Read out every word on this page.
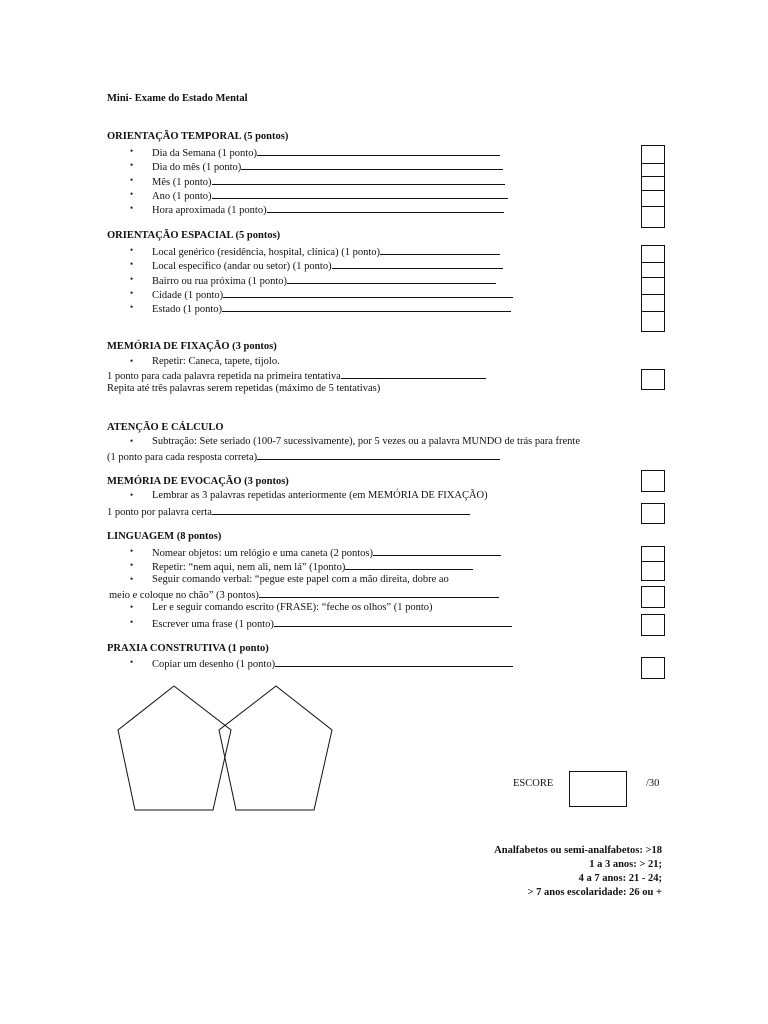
Mini- Exame do Estado Mental
ORIENTAÇÃO TEMPORAL (5 pontos)
• Dia da Semana (1 ponto)
• Dia do mês (1 ponto)
• Mês (1 ponto)
• Ano (1 ponto)
• Hora aproximada (1 ponto)
ORIENTAÇÃO ESPACIAL (5 pontos)
• Local genérico (residência, hospital, clínica) (1 ponto)
• Local específico (andar ou setor) (1 ponto)
• Bairro ou rua próxima (1 ponto)
• Cidade (1 ponto)
• Estado (1 ponto)
MEMÓRIA DE FIXAÇÃO (3 pontos)
• Repetir: Caneca, tapete, tijolo.
1 ponto para cada palavra repetida na primeira tentativa
Repita até três palavras serem repetidas (máximo de 5 tentativas)
ATENÇÃO E CÁLCULO
• Subtração: Sete seriado (100-7 sucessivamente), por 5 vezes ou a palavra MUNDO de trás para frente
(1 ponto para cada resposta correta)
MEMÓRIA DE EVOCAÇÃO (3 pontos)
• Lembrar as 3 palavras repetidas anteriormente (em MEMÓRIA DE FIXAÇÃO)
1 ponto por palavra certa
LINGUAGEM (8 pontos)
• Nomear objetos: um relógio e uma caneta (2 pontos)
• Repetir: “nem aqui, nem ali, nem lá” (1ponto)
• Seguir comando verbal: “pegue este papel com a mão direita, dobre ao
meio e coloque no chão” (3 pontos)
• Ler e seguir comando escrito (FRASE): “feche os olhos” (1 ponto)
• Escrever uma frase (1 ponto)
PRAXIA CONSTRUTIVA (1 ponto)
• Copiar um desenho (1 ponto)
ESCORE	/30
Analfabetos ou semi-analfabetos: >18
1 a 3 anos: > 21;
4 a 7 anos: 21 - 24;
> 7 anos escolaridade: 26 ou +
